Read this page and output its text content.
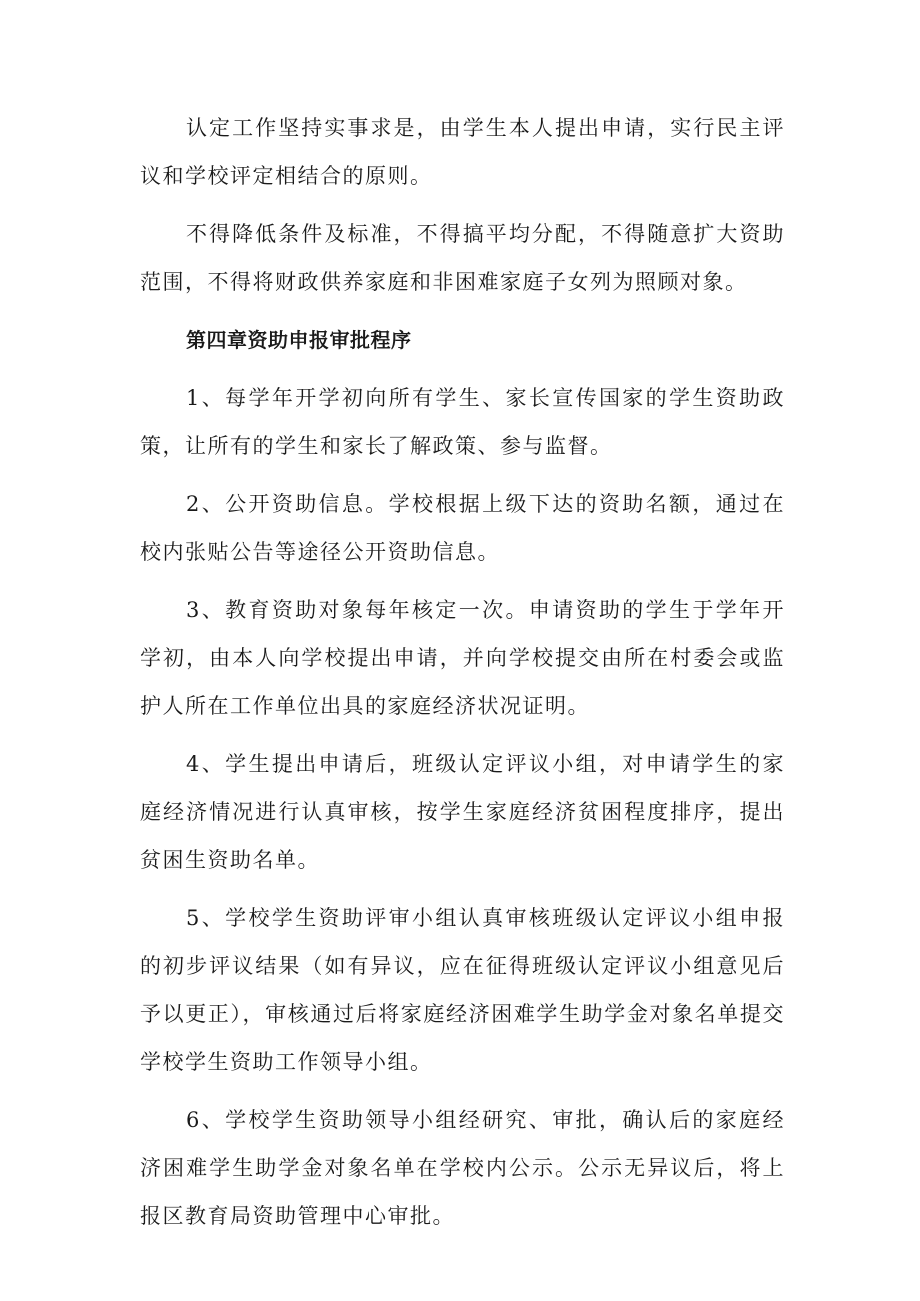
认定工作坚持实事求是，由学生本人提出申请，实行民主评议和学校评定相结合的原则。

不得降低条件及标准，不得搞平均分配，不得随意扩大资助范围，不得将财政供养家庭和非困难家庭子女列为照顾对象。

第四章资助申报审批程序

1、每学年开学初向所有学生、家长宣传国家的学生资助政策，让所有的学生和家长了解政策、参与监督。

2、公开资助信息。学校根据上级下达的资助名额，通过在校内张贴公告等途径公开资助信息。

3、教育资助对象每年核定一次。申请资助的学生于学年开学初，由本人向学校提出申请，并向学校提交由所在村委会或监护人所在工作单位出具的家庭经济状况证明。

4、学生提出申请后，班级认定评议小组，对申请学生的家庭经济情况进行认真审核，按学生家庭经济贫困程度排序，提出贫困生资助名单。

5、学校学生资助评审小组认真审核班级认定评议小组申报的初步评议结果（如有异议，应在征得班级认定评议小组意见后予以更正），审核通过后将家庭经济困难学生助学金对象名单提交学校学生资助工作领导小组。

6、学校学生资助领导小组经研究、审批，确认后的家庭经济困难学生助学金对象名单在学校内公示。公示无异议后，将上报区教育局资助管理中心审批。
